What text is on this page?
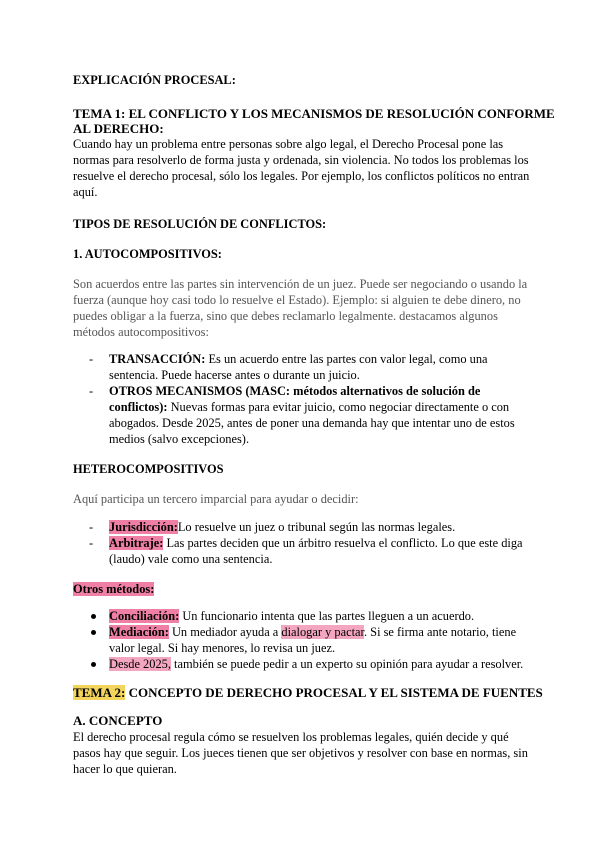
EXPLICACIÓN PROCESAL:
TEMA 1: EL CONFLICTO Y LOS MECANISMOS DE RESOLUCIÓN CONFORME
AL DERECHO:
Cuando hay un problema entre personas sobre algo legal, el Derecho Procesal pone las
normas para resolverlo de forma justa y ordenada, sin violencia. No todos los problemas los
resuelve el derecho procesal, sólo los legales. Por ejemplo, los conflictos políticos no entran
aquí.
TIPOS DE RESOLUCIÓN DE CONFLICTOS:
1. AUTOCOMPOSITIVOS:
Son acuerdos entre las partes sin intervención de un juez. Puede ser negociando o usando la
fuerza (aunque hoy casi todo lo resuelve el Estado). Ejemplo: si alguien te debe dinero, no
puedes obligar a la fuerza, sino que debes reclamarlo legalmente. destacamos algunos
métodos autocompositivos:
- TRANSACCIÓN: Es un acuerdo entre las partes con valor legal, como una
sentencia. Puede hacerse antes o durante un juicio.
- OTROS MECANISMOS (MASC: métodos alternativos de solución de
conflictos): Nuevas formas para evitar juicio, como negociar directamente o con
abogados. Desde 2025, antes de poner una demanda hay que intentar uno de estos
medios (salvo excepciones).
HETEROCOMPOSITIVOS
Aquí participa un tercero imparcial para ayudar o decidir:
- Jurisdicción:Lo resuelve un juez o tribunal según las normas legales.
- Arbitraje: Las partes deciden que un árbitro resuelva el conflicto. Lo que este diga
(laudo) vale como una sentencia.
Otros métodos:
Conciliación: Un funcionario intenta que las partes lleguen a un acuerdo.
Mediación: Un mediador ayuda a dialogar y pactar. Si se firma ante notario, tiene
valor legal. Si hay menores, lo revisa un juez.
Desde 2025, también se puede pedir a un experto su opinión para ayudar a resolver.
TEMA 2: CONCEPTO DE DERECHO PROCESAL Y EL SISTEMA DE FUENTES
A. CONCEPTO
El derecho procesal regula cómo se resuelven los problemas legales, quién decide y qué
pasos hay que seguir. Los jueces tienen que ser objetivos y resolver con base en normas, sin
hacer lo que quieran.
